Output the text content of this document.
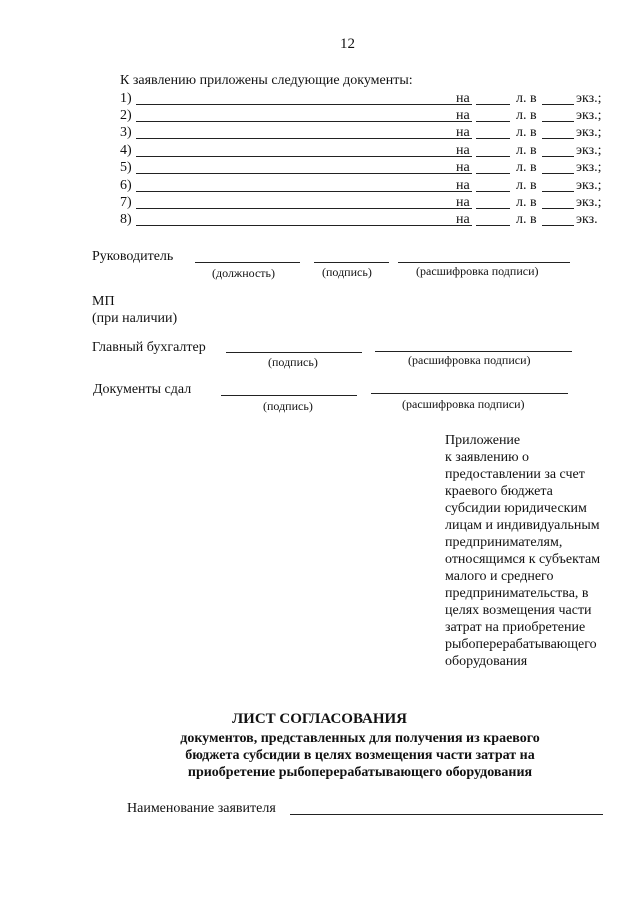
12
К заявлению приложены следующие документы:
1)	на	л. в	экз.;
2)	на	л. в	экз.;
3)	на	л. в	экз.;
4)	на	л. в	экз.;
5)	на	л. в	экз.;
6)	на	л. в	экз.;
7)	на	л. в	экз.;
8)	на	л. в	экз.
Руководитель
(должность)	(подпись)	(расшифровка подписи)
МП
(при наличии)
Главный бухгалтер
(подпись)	(расшифровка подписи)
Документы сдал
(подпись)	(расшифровка подписи)
Приложение
к заявлению о
предоставлении за счет
краевого бюджета
субсидии юридическим
лицам и индивидуальным
предпринимателям,
относящимся к субъектам
малого и среднего
предпринимательства, в
целях возмещения части
затрат на приобретение
рыбоперерабатывающего
оборудования
ЛИСТ СОГЛАСОВАНИЯ
документов, представленных для получения из краевого
бюджета субсидии в целях возмещения части затрат на
приобретение рыбоперерабатывающего оборудования
Наименование заявителя
